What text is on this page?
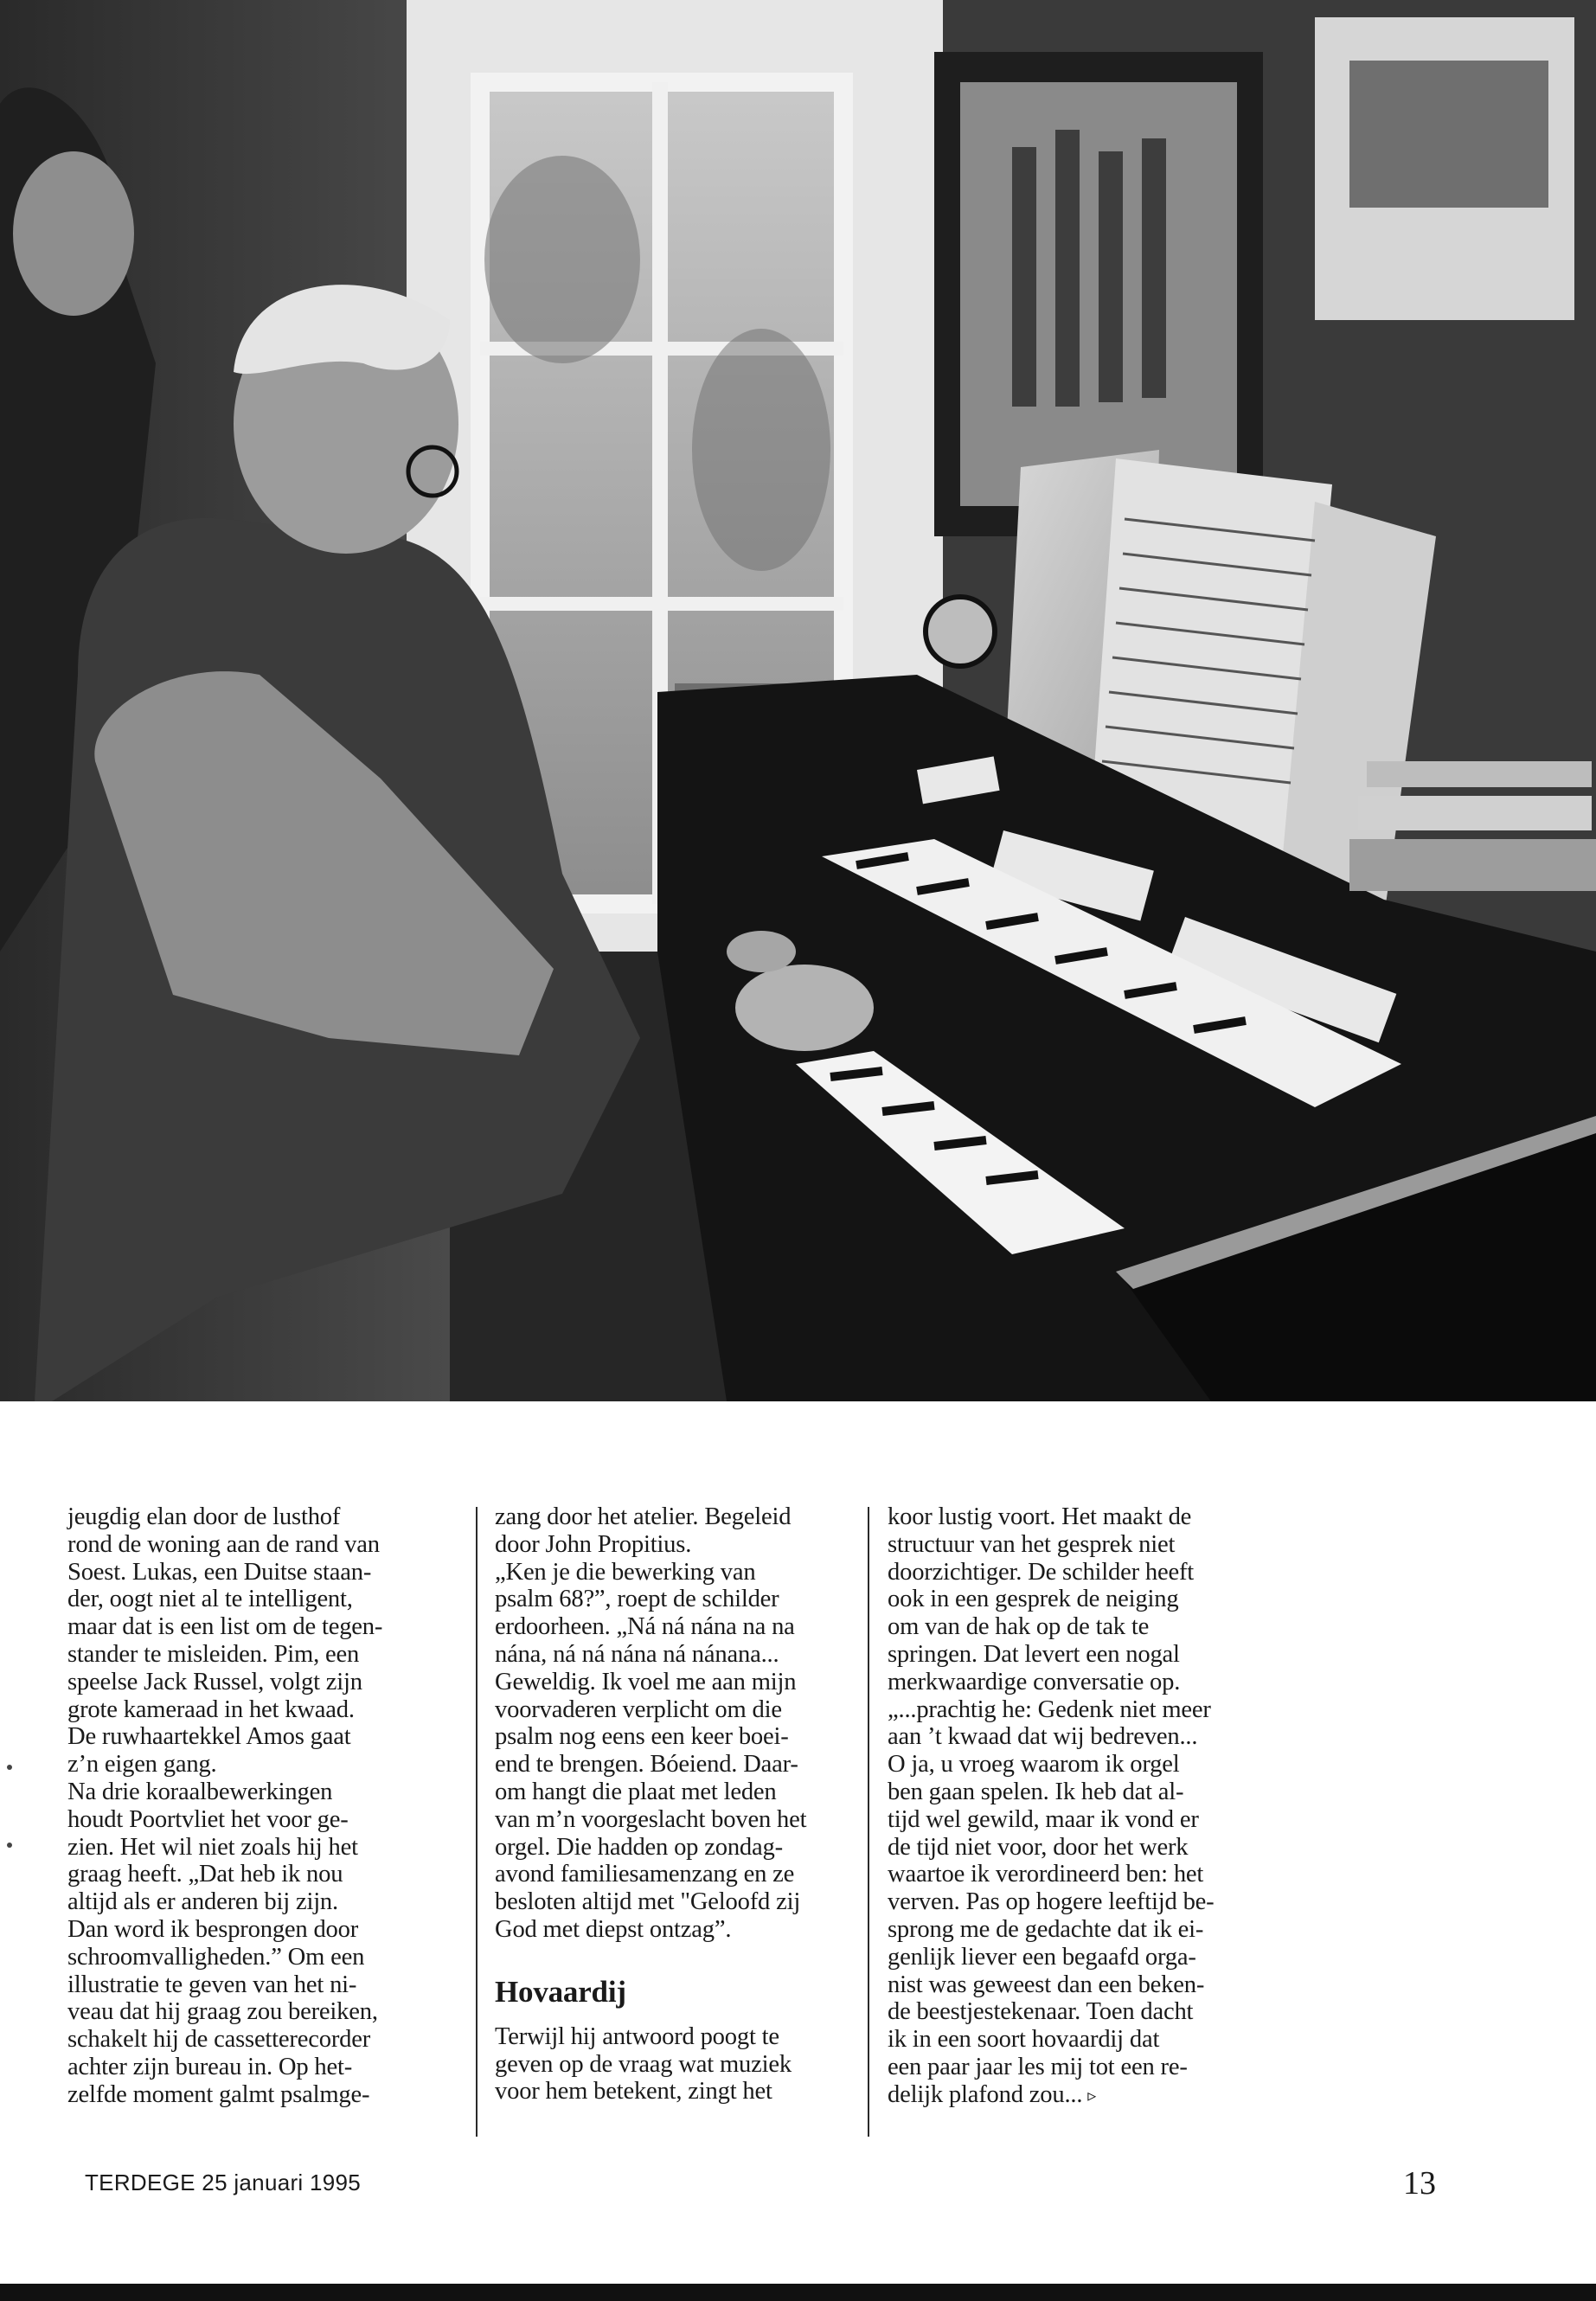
jeugdig elan door de lusthof

rond de woning aan de rand van

Soest. Lukas, een Duitse staan-

der, oogt niet al te intelligent,

maar dat is een list om de tegen-

stander te misleiden. Pim, een

speelse Jack Russel, volgt zijn

grote kameraad in het kwaad.

De ruwhaartekkel Amos gaat

z’n eigen gang.

Na drie koraalbewerkingen

houdt Poortvliet het voor ge-

zien. Het wil niet zoals hij het

graag heeft. „Dat heb ik nou

altijd als er anderen bij zijn.

Dan word ik besprongen door

schroomvalligheden.” Om een

illustratie te geven van het ni-

veau dat hij graag zou bereiken,

schakelt hij de cassetterecorder

achter zijn bureau in. Op het-

zelfde moment galmt psalmge-

zang door het atelier. Begeleid

door John Propitius.

„Ken je die bewerking van

psalm 68?”, roept de schilder

erdoorheen. „Ná ná nána na na

nána, ná ná nána ná nánana...

Geweldig. Ik voel me aan mijn

voorvaderen verplicht om die

psalm nog eens een keer boei-

end te brengen. Bóeiend. Daar-

om hangt die plaat met leden

van m’n voorgeslacht boven het

orgel. Die hadden op zondag-

avond familiesamenzang en ze

besloten altijd met "Geloofd zij

God met diepst ontzag”.

Hovaardij

Terwijl hij antwoord poogt te

geven op de vraag wat muziek

voor hem betekent, zingt het

koor lustig voort. Het maakt de

structuur van het gesprek niet

doorzichtiger. De schilder heeft

ook in een gesprek de neiging

om van de hak op de tak te

springen. Dat levert een nogal

merkwaardige conversatie op.

„...prachtig he: Gedenk niet meer

aan ’t kwaad dat wij bedreven...

O ja, u vroeg waarom ik orgel

ben gaan spelen. Ik heb dat al-

tijd wel gewild, maar ik vond er

de tijd niet voor, door het werk

waartoe ik verordineerd ben: het

verven. Pas op hogere leeftijd be-

sprong me de gedachte dat ik ei-

genlijk liever een begaafd orga-

nist was geweest dan een beken-

de beestjestekenaar. Toen dacht

ik in een soort hovaardij dat

een paar jaar les mij tot een re-

delijk plafond zou... ▹

TERDEGE 25 januari 1995	13
